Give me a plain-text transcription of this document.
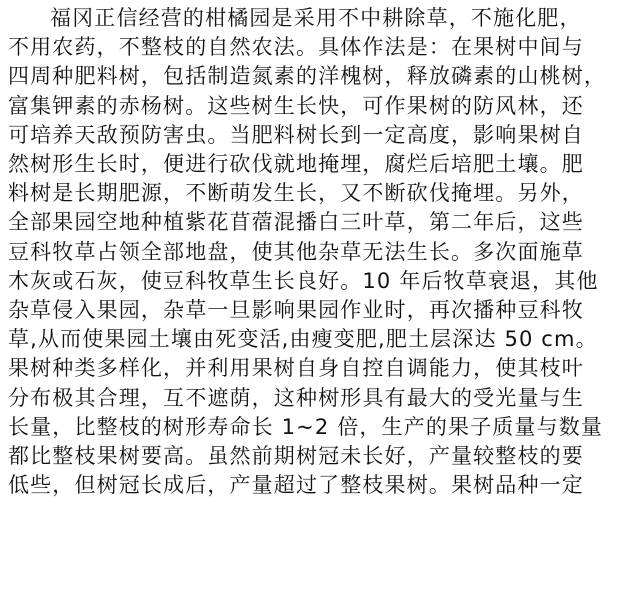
福冈正信经营的柑橘园是采用不中耕除草，不施化肥，
不用农药，不整枝的自然农法。具体作法是：在果树中间与
四周种肥料树，包括制造氮素的洋槐树，释放磷素的山桃树，
富集钾素的赤杨树。这些树生长快，可作果树的防风林，还
可培养天敌预防害虫。当肥料树长到一定高度，影响果树自
然树形生长时，便进行砍伐就地掩埋，腐烂后培肥土壤。肥
料树是长期肥源，不断萌发生长，又不断砍伐掩埋。另外，
全部果园空地种植紫花苜蓿混播白三叶草，第二年后，这些
豆科牧草占领全部地盘，使其他杂草无法生长。多次面施草
木灰或石灰，使豆科牧草生长良好。10 年后牧草衰退，其他
杂草侵入果园，杂草一旦影响果园作业时，再次播种豆科牧
草,从而使果园土壤由死变活,由瘦变肥,肥土层深达 50 cm。
果树种类多样化，并利用果树自身自控自调能力，使其枝叶
分布极其合理，互不遮荫，这种树形具有最大的受光量与生
长量，比整枝的树形寿命长 1~2 倍，生产的果子质量与数量
都比整枝果树要高。虽然前期树冠未长好，产量较整枝的要
低些，但树冠长成后，产量超过了整枝果树。果树品种一定
